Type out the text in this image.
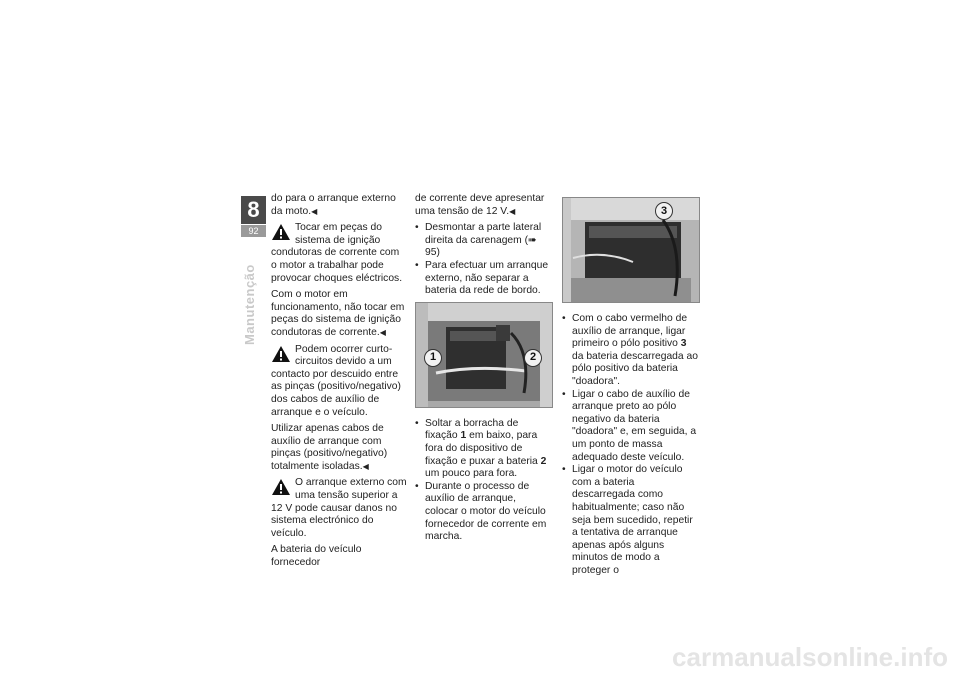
8
92
Manutenção

do para o arranque externo da moto.◀

Tocar em peças do sistema de ignição condutoras de corrente com o motor a trabalhar pode provocar choques eléctricos.

Com o motor em funcionamento, não tocar em peças do sistema de ignição condutoras de corrente.◀

Podem ocorrer curto-circuitos devido a um contacto por descuido entre as pinças (positivo/negativo) dos cabos de auxílio de arranque e o veículo.

Utilizar apenas cabos de auxílio de arranque com pinças (positivo/negativo) totalmente isoladas.◀

O arranque externo com uma tensão superior a 12 V pode causar danos no sistema electrónico do veículo.

A bateria do veículo fornecedor

de corrente deve apresentar uma tensão de 12 V.◀

• Desmontar a parte lateral direita da carenagem (➠ 95)
• Para efectuar um arranque externo, não separar a bateria da rede de bordo.
1	2
• Soltar a borracha de fixação 1 em baixo, para fora do dispositivo de fixação e puxar a bateria 2 um pouco para fora.
• Durante o processo de auxílio de arranque, colocar o motor do veículo fornecedor de corrente em marcha.
3
• Com o cabo vermelho de auxílio de arranque, ligar primeiro o pólo positivo 3 da bateria descarregada ao pólo positivo da bateria "doadora".
• Ligar o cabo de auxílio de arranque preto ao pólo negativo da bateria "doadora" e, em seguida, a um ponto de massa adequado deste veículo.
• Ligar o motor do veículo com a bateria descarregada como habitualmente; caso não seja bem sucedido, repetir a tentativa de arranque apenas após alguns minutos de modo a proteger o
carmanualsonline.info
